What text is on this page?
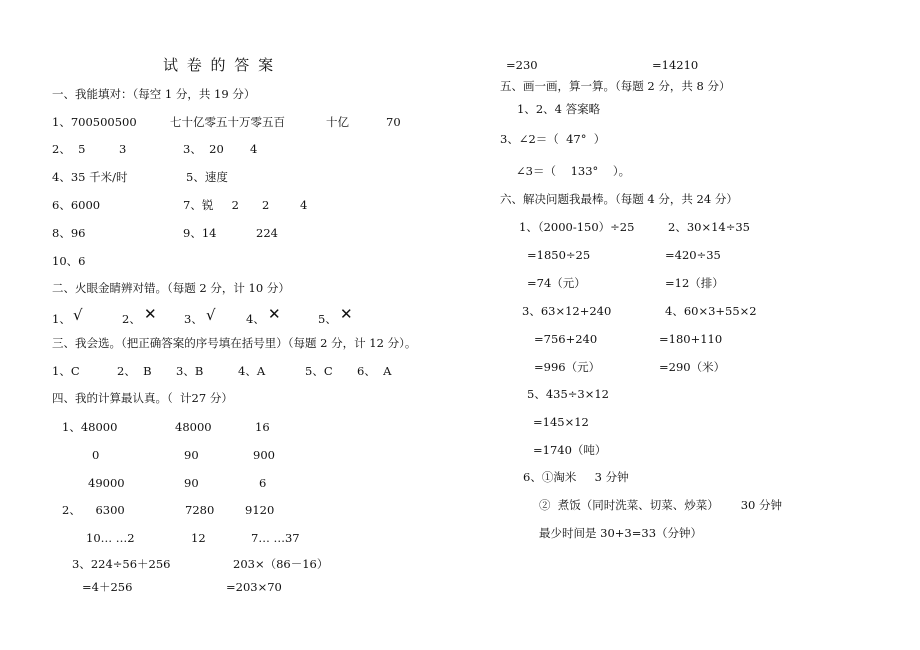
试 卷 的 答 案
一、我能填对：（每空 1 分，共 19 分）
1、700500500	七十亿零五十万零五百	十亿	70
2、  5	3	3、  20 4
4、35 千米/时	5、速度
6、6000	7、锐     2 2	4
8、96	9、14	224
10、6
二、火眼金睛辨对错。（每题 2 分，计 10 分）
1、 √	2、 ✕ 3、 √	4、 ✕	5、 ✕
三、我会选。（把正确答案的序号填在括号里）（每题 2 分，计 12 分）。
1、C	2、  B 3、B	4、A	5、C 6、  A
四、我的计算最认真。（  计27 分）
1、48000	48000	16
0	90	900
49000	90	6
2、    6300	7280	9120
10… …2	12	7… …37
3、224÷56＋256	203×（86－16）
=4＋256	=203×70
=230	=14210
五、画一画，算一算。（每题 2 分，共 8 分）
1、2、4 答案略
3、∠2＝（  47°  ）
∠3＝（    133°    ）。
六、解决问题我最棒。（每题 4 分，共 24 分）
1、（2000-150）÷25	2、30×14÷35
=1850÷25	=420÷35
=74（元）	=12（排）
3、63×12+240	4、60×3+55×2
=756+240	=180+110
=996（元）	=290（米）
5、435÷3×12
=145×12
=1740（吨）
6、①淘米     3 分钟
②  煮饭（同时洗菜、切菜、炒菜）      30 分钟
最少时间是 30+3=33（分钟）
